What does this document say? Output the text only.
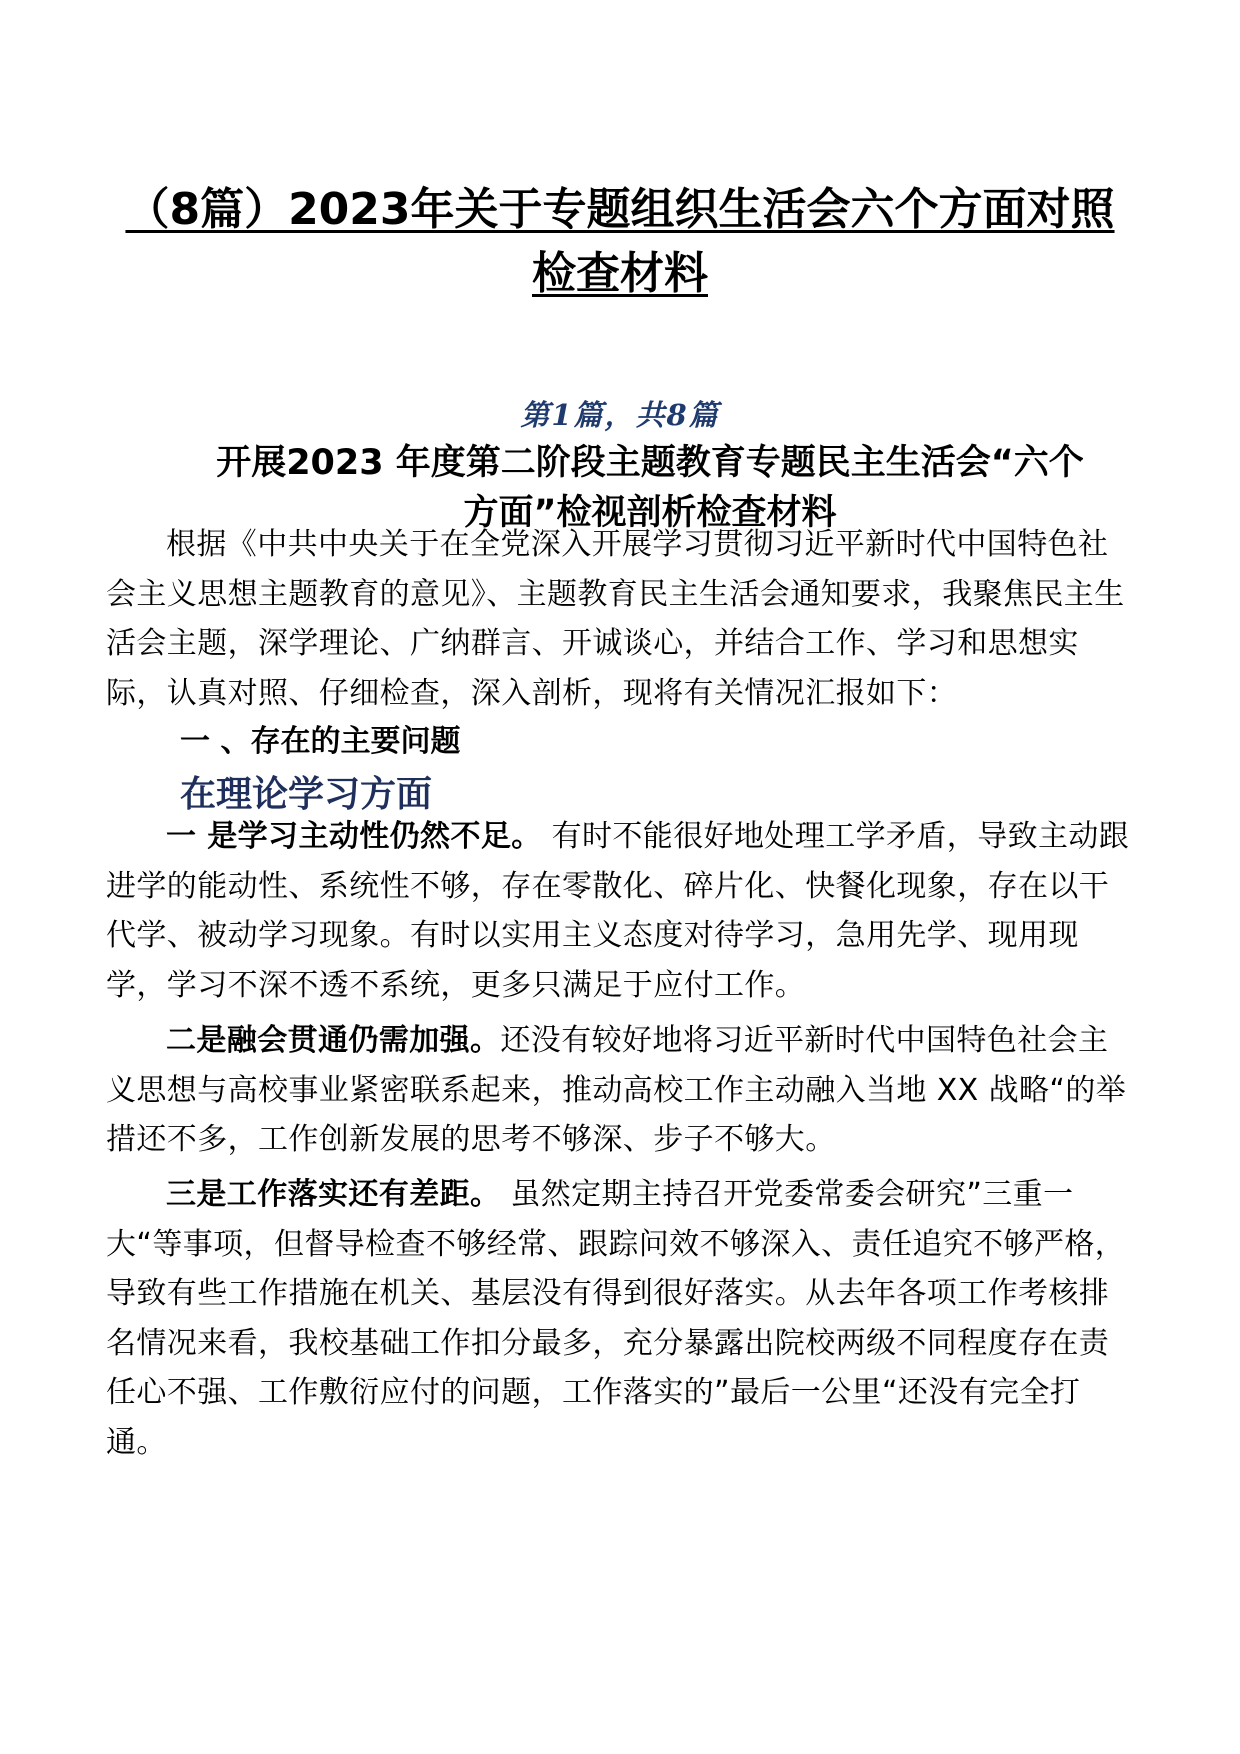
（8篇）2023年关于专题组织生活会六个方面对照
检查材料
第1篇，共8篇
开展2023 年度第二阶段主题教育专题民主生活会“六个
方面”检视剖析检查材料

根据《中共中央关于在全党深入开展学习贯彻习近平新时代中国特色社会主义思想主题教育的意见》、主题教育民主生活会通知要求，我聚焦民主生活会主题，深学理论、广纳群言、开诚谈心，并结合工作、学习和思想实际，认真对照、仔细检查，深入剖析，现将有关情况汇报如下：

一 、存在的主要问题
在理论学习方面

一 是学习主动性仍然不足。 有时不能很好地处理工学矛盾，导致主动跟进学的能动性、系统性不够，存在零散化、碎片化、快餐化现象，存在以干代学、被动学习现象。有时以实用主义态度对待学习，急用先学、现用现学，学习不深不透不系统，更多只满足于应付工作。

二是融会贯通仍需加强。还没有较好地将习近平新时代中国特色社会主义思想与高校事业紧密联系起来，推动高校工作主动融入当地 XX 战略“的举措还不多，工作创新发展的思考不够深、步子不够大。

三是工作落实还有差距。 虽然定期主持召开党委常委会研究”三重一大“等事项，但督导检查不够经常、跟踪问效不够深入、责任追究不够严格，导致有些工作措施在机关、基层没有得到很好落实。从去年各项工作考核排名情况来看，我校基础工作扣分最多，充分暴露出院校两级不同程度存在责任心不强、工作敷衍应付的问题，工作落实的”最后一公里“还没有完全打通。
